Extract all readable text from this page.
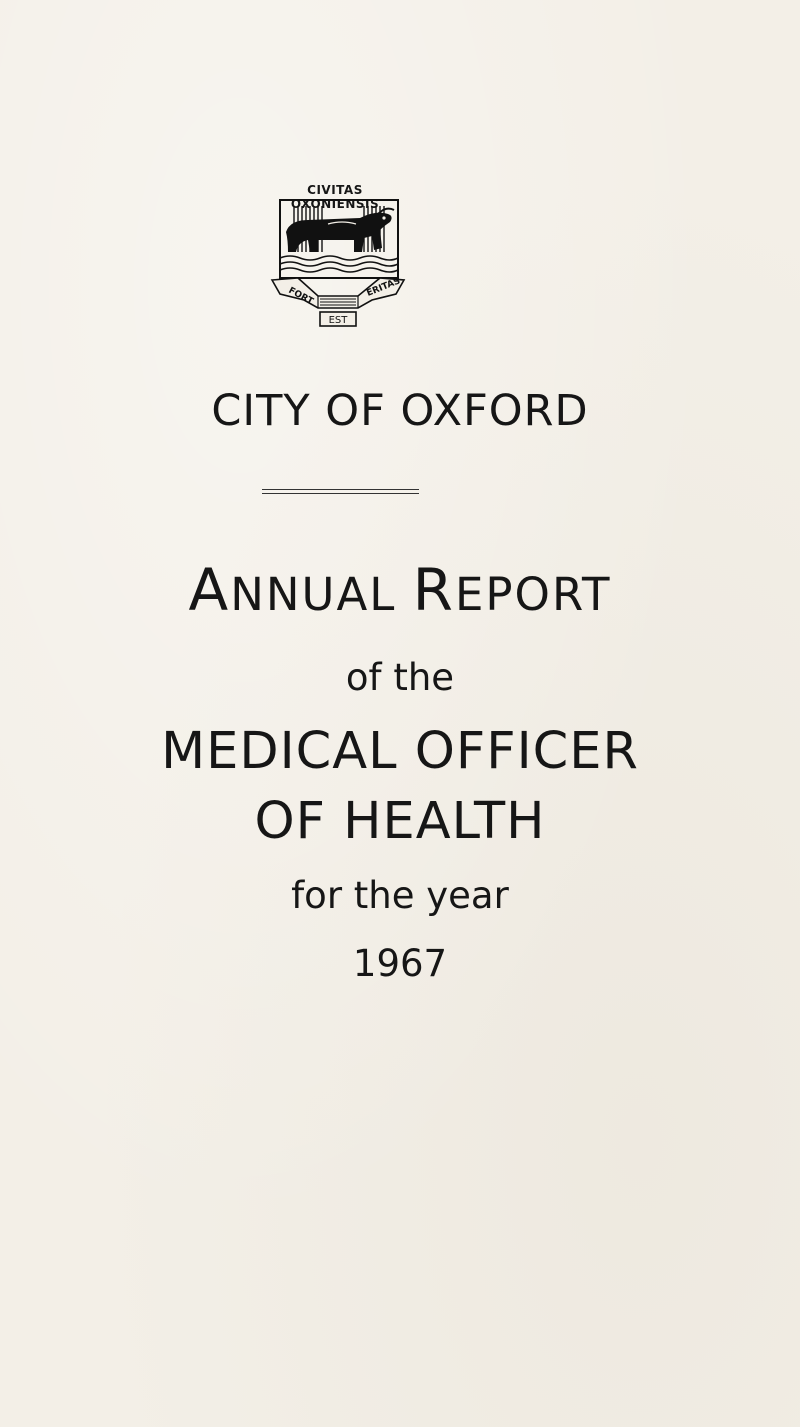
CIVITAS OXONIENSIS
FORT	ERITAS
EST
CITY OF OXFORD
ANNUAL REPORT
of the
MEDICAL OFFICER
OF HEALTH
for the year
1967
